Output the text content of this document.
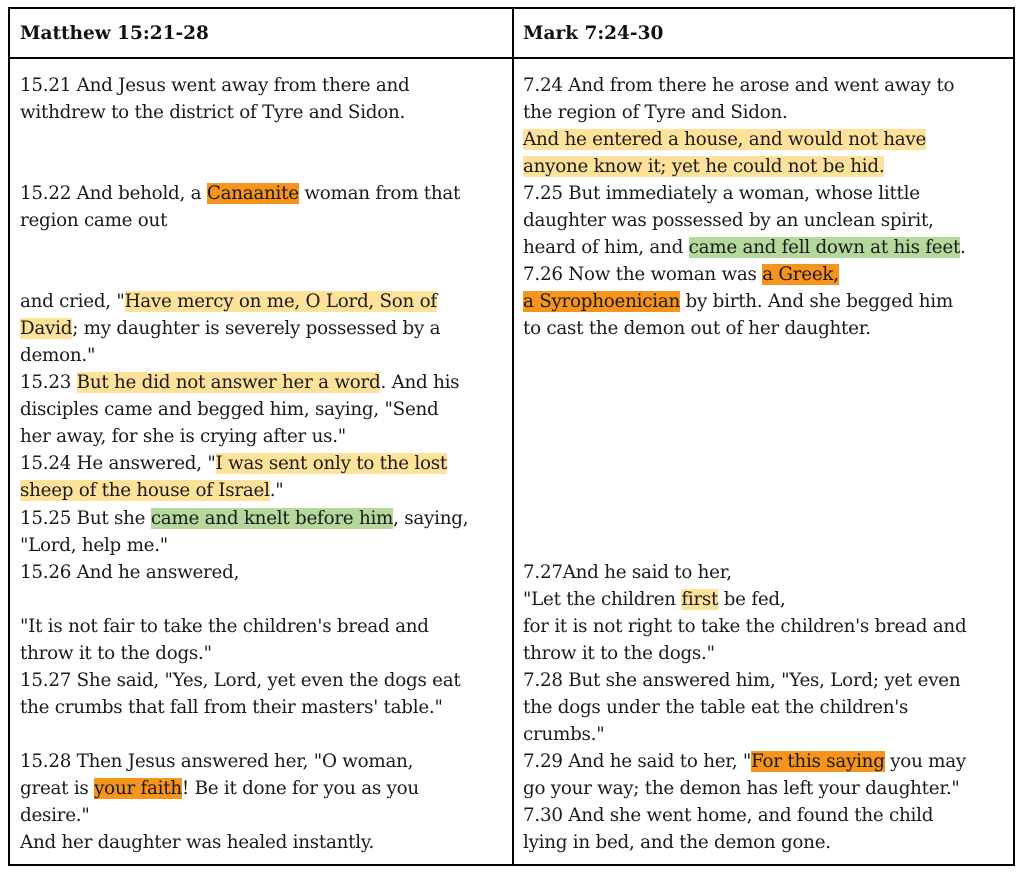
Matthew 15:21-28	Mark 7:24-30
15.21 And Jesus went away from there and
withdrew to the district of Tyre and Sidon.
15.22 And behold, a Canaanite woman from that
region came out
and cried, "Have mercy on me, O Lord, Son of
David; my daughter is severely possessed by a
demon."
15.23 But he did not answer her a word. And his
disciples came and begged him, saying, "Send
her away, for she is crying after us."
15.24 He answered, "I was sent only to the lost
sheep of the house of Israel."
15.25 But she came and knelt before him, saying,
"Lord, help me."
15.26 And he answered,
"It is not fair to take the children's bread and
throw it to the dogs."
15.27 She said, "Yes, Lord, yet even the dogs eat
the crumbs that fall from their masters' table."
15.28 Then Jesus answered her, "O woman,
great is your faith! Be it done for you as you
desire."
And her daughter was healed instantly.
7.24 And from there he arose and went away to
the region of Tyre and Sidon.
And he entered a house, and would not have
anyone know it; yet he could not be hid.
7.25 But immediately a woman, whose little
daughter was possessed by an unclean spirit,
heard of him, and came and fell down at his feet.
7.26 Now the woman was a Greek,
a Syrophoenician by birth. And she begged him
to cast the demon out of her daughter.
7.27And he said to her,
"Let the children first be fed,
for it is not right to take the children's bread and
throw it to the dogs."
7.28 But she answered him, "Yes, Lord; yet even
the dogs under the table eat the children's
crumbs."
7.29 And he said to her, "For this saying you may
go your way; the demon has left your daughter."
7.30 And she went home, and found the child
lying in bed, and the demon gone.
